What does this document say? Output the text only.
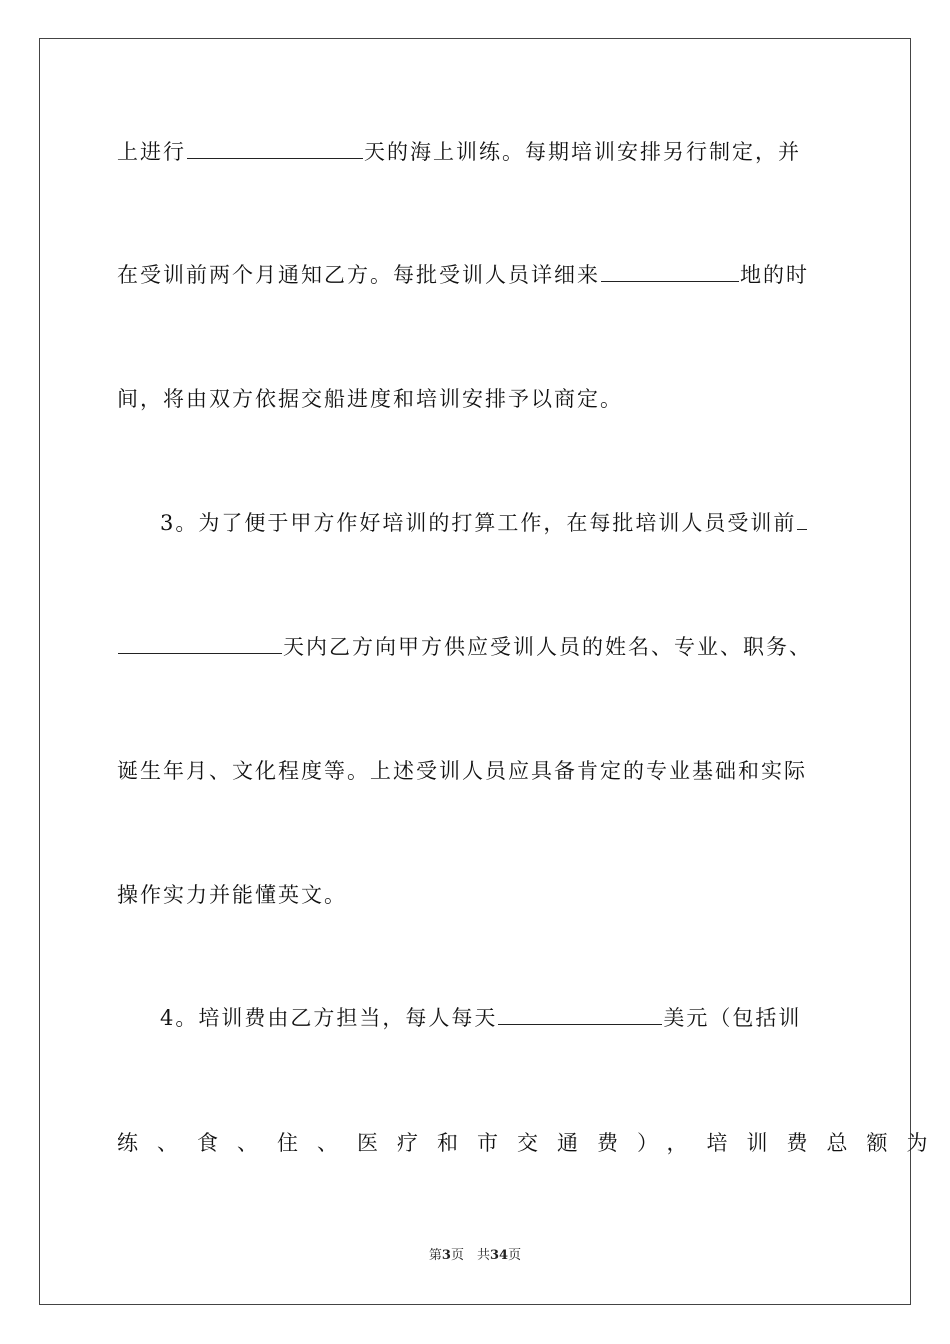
上进行	天的海上训练。每期培训安排另行制定，并
在受训前两个月通知乙方。每批受训人员详细来	地的时
间，将由双方依据交船进度和培训安排予以商定。
3。为了便于甲方作好培训的打算工作，在每批培训人员受训前
天内乙方向甲方供应受训人员的姓名、专业、职务、
诞生年月、文化程度等。上述受训人员应具备肯定的专业基础和实际
操作实力并能懂英文。
4。培训费由乙方担当，每人每天	美元（包括训
练、食、住、医疗和市交通费），培训费总额为
第3页　共34页
